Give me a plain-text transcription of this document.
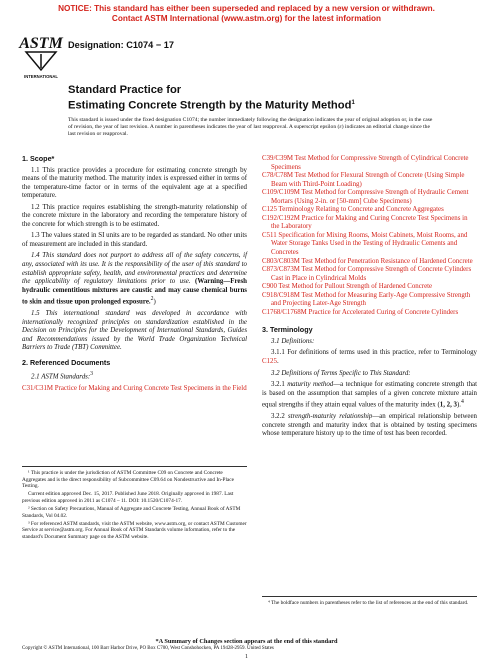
NOTICE: This standard has either been superseded and replaced by a new version or withdrawn.
Contact ASTM International (www.astm.org) for the latest information
ASTM
INTERNATIONAL
Designation: C1074 − 17
Standard Practice for
Estimating Concrete Strength by the Maturity Method$^1$
This standard is issued under the fixed designation C1074; the number immediately following the designation indicates the year of original adoption or, in the case of revision, the year of last revision. A number in parentheses indicates the year of last reapproval. A superscript epsilon (ε) indicates an editorial change since the last revision or reapproval.
1. Scope*

1.1 This practice provides a procedure for estimating concrete strength by means of the maturity method. The maturity index is expressed either in terms of the temperature-time factor or in terms of the equivalent age at a specified temperature.

1.2 This practice requires establishing the strength-maturity relationship of the concrete mixture in the laboratory and recording the temperature history of the concrete for which strength is to be estimated.

1.3 The values stated in SI units are to be regarded as standard. No other units of measurement are included in this standard.

1.4 This standard does not purport to address all of the safety concerns, if any, associated with its use. It is the responsibility of the user of this standard to establish appropriate safety, health, and environmental practices and determine the applicability of regulatory limitations prior to use. (Warning—Fresh hydraulic cementitious mixtures are caustic and may cause chemical burns to skin and tissue upon prolonged exposure.$^2$)

1.5 This international standard was developed in accordance with internationally recognized principles on standardization established in the Decision on Principles for the Development of International Standards, Guides and Recommendations issued by the World Trade Organization Technical Barriers to Trade (TBT) Committee.

2. Referenced Documents

2.1 ASTM Standards:$^3$

C31/C31M Practice for Making and Curing Concrete Test Specimens in the Field

¹ This practice is under the jurisdiction of ASTM Committee C09 on Concrete and Concrete Aggregates and is the direct responsibility of Subcommittee C09.64 on Nondestructive and In-Place Testing.

Current edition approved Dec. 15, 2017. Published June 2018. Originally approved in 1987. Last previous edition approved in 2011 as C1074 – 11. DOI: 10.1520/C1074-17.

² Section on Safety Precautions, Manual of Aggregate and Concrete Testing, Annual Book of ASTM Standards, Vol 04.02.

³ For referenced ASTM standards, visit the ASTM website, www.astm.org, or contact ASTM Customer Service at service@astm.org. For Annual Book of ASTM Standards volume information, refer to the standard's Document Summary page on the ASTM website.

C39/C39M Test Method for Compressive Strength of Cylindrical Concrete Specimens

C78/C78M Test Method for Flexural Strength of Concrete (Using Simple Beam with Third-Point Loading)

C109/C109M Test Method for Compressive Strength of Hydraulic Cement Mortars (Using 2-in. or [50-mm] Cube Specimens)

C125 Terminology Relating to Concrete and Concrete Aggregates

C192/C192M Practice for Making and Curing Concrete Test Specimens in the Laboratory

C511 Specification for Mixing Rooms, Moist Cabinets, Moist Rooms, and Water Storage Tanks Used in the Testing of Hydraulic Cements and Concretes

C803/C803M Test Method for Penetration Resistance of Hardened Concrete

C873/C873M Test Method for Compressive Strength of Concrete Cylinders Cast in Place in Cylindrical Molds

C900 Test Method for Pullout Strength of Hardened Concrete

C918/C918M Test Method for Measuring Early-Age Compressive Strength and Projecting Later-Age Strength

C1768/C1768M Practice for Accelerated Curing of Concrete Cylinders

3. Terminology

3.1 Definitions:

3.1.1 For definitions of terms used in this practice, refer to Terminology C125.

3.2 Definitions of Terms Specific to This Standard:

3.2.1 maturity method—a technique for estimating concrete strength that is based on the assumption that samples of a given concrete mixture attain equal strengths if they attain equal values of the maturity index (1, 2, 3).$^4$

3.2.2 strength-maturity relationship—an empirical relationship between concrete strength and maturity index that is obtained by testing specimens whose temperature history up to the time of test has been recorded.

⁴ The boldface numbers in parentheses refer to the list of references at the end of this standard.

*A Summary of Changes section appears at the end of this standard
Copyright © ASTM International, 100 Barr Harbor Drive, PO Box C700, West Conshohocken, PA 19428-2959. United States
1
